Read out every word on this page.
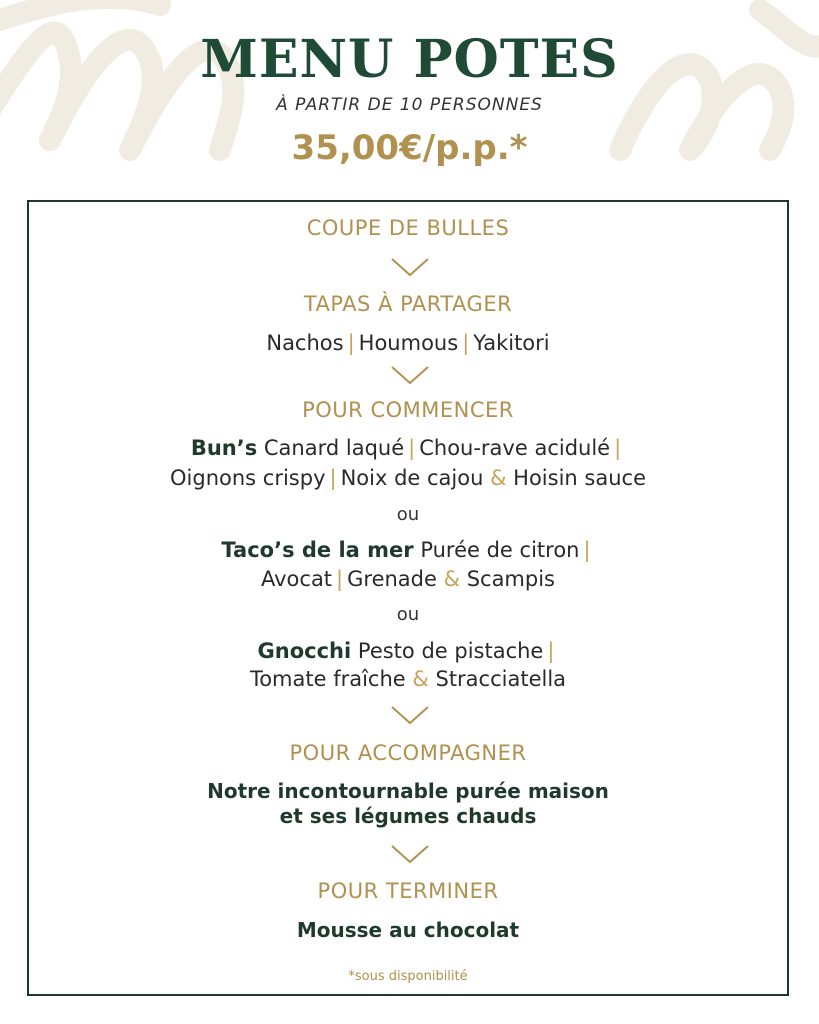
MENU POTES
À PARTIR DE 10 PERSONNES
35,00€/p.p.*
COUPE DE BULLES
TAPAS À PARTAGER
Nachos | Houmous | Yakitori
POUR COMMENCER
Bun’s Canard laqué | Chou-rave acidulé |
Oignons crispy | Noix de cajou & Hoisin sauce
ou
Taco’s de la mer Purée de citron |
Avocat | Grenade & Scampis
ou
Gnocchi Pesto de pistache |
Tomate fraîche & Stracciatella
POUR ACCOMPAGNER
Notre incontournable purée maison
et ses légumes chauds
POUR TERMINER
Mousse au chocolat
*sous disponibilité
